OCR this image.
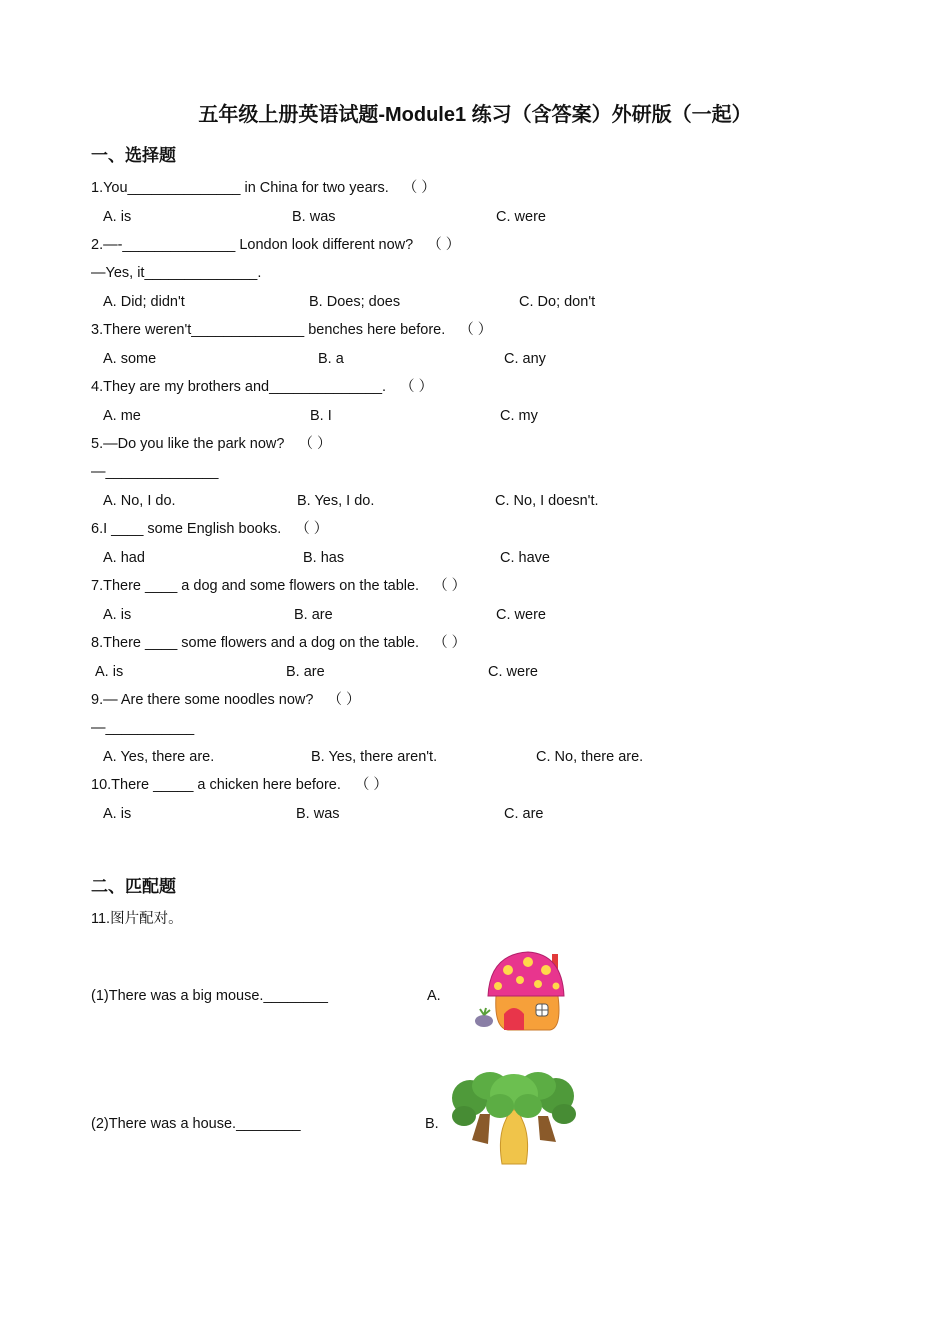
五年级上册英语试题-Module1 练习（含答案）外研版（一起）
一、选择题
1.You______________ in China for two years. （ ）
A. is	B. was	C. were
2.—-______________ London look different now? （ ）
—Yes, it______________.
A. Did; didn't	B. Does; does	C. Do; don't
3.There weren't______________ benches here before. （ ）
A. some	B. a	C. any
4.They are my brothers and______________. （ ）
A. me	B. I	C. my
5.—Do you like the park now? （ ）
—______________
A. No, I do.	B. Yes, I do.	C. No, I doesn't.
6.I ____ some English books. （ ）
A. had	B. has	C. have
7.There ____ a dog and some flowers on the table. （ ）
A. is	B. are	C. were
8.There ____ some flowers and a dog on the table. （ ）
A. is	B. are	C. were
9.— Are there some noodles now? （ ）
—___________
A. Yes, there are.	B. Yes, there aren't.	C. No, there are.
10.There _____ a chicken here before. （ ）
A. is	B. was	C. are
二、匹配题
11.图片配对。
(1)There was a big mouse.________	A.
(2)There was a house.________	B.
